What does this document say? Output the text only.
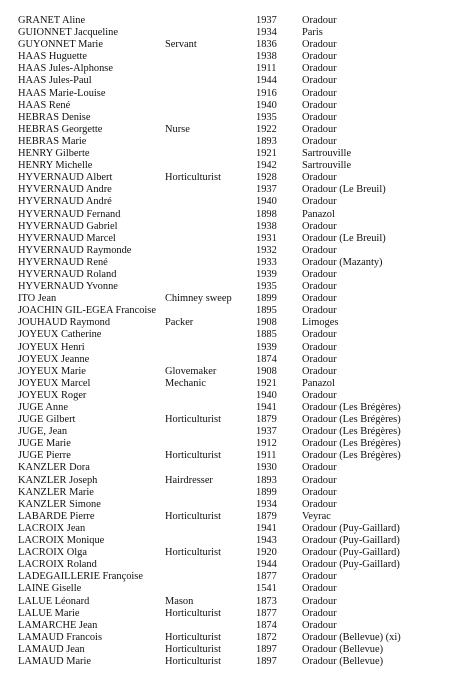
GRANET Aline	1937 Oradour
GUIONNET Jacqueline	1934 Paris
GUYONNET Marie	Servant	1836 Oradour
HAAS Huguette	1938 Oradour
HAAS Jules-Alphonse	1911 Oradour
HAAS Jules-Paul	1944 Oradour
HAAS Marie-Louise	1916 Oradour
HAAS René	1940 Oradour
HEBRAS Denise	1935 Oradour
HEBRAS Georgette	Nurse	1922 Oradour
HEBRAS Marie	1893 Oradour
HENRY Gilberte	1921 Sartrouville
HENRY Michelle	1942 Sartrouville
HYVERNAUD Albert	Horticulturist	1928 Oradour
HYVERNAUD Andre	1937 Oradour (Le Breuil)
HYVERNAUD André	1940 Oradour
HYVERNAUD Fernand	1898 Panazol
HYVERNAUD Gabriel	1938 Oradour
HYVERNAUD Marcel	1931 Oradour (Le Breuil)
HYVERNAUD Raymonde	1932 Oradour
HYVERNAUD René	1933 Oradour (Mazanty)
HYVERNAUD Roland	1939 Oradour
HYVERNAUD Yvonne	1935 Oradour
ITO Jean	Chimney sweep 1899 Oradour
JOACHIN GIL-EGEA Francoise	1895 Oradour
JOUHAUD Raymond	Packer	1908 Limoges
JOYEUX Catherine	1885 Oradour
JOYEUX Henri	1939 Oradour
JOYEUX Jeanne	1874 Oradour
JOYEUX Marie	Glovemaker	1908 Oradour
JOYEUX Marcel	Mechanic	1921 Panazol
JOYEUX Roger	1940 Oradour
JUGE Anne	1941 Oradour (Les Brégères)
JUGE Gilbert	Horticulturist	1879 Oradour (Les Brégères)
JUGE, Jean	1937 Oradour (Les Brégères)
JUGE Marie	1912 Oradour (Les Brégères)
JUGE Pierre	Horticulturist	1911 Oradour (Les Brégères)
KANZLER Dora	1930 Oradour
KANZLER Joseph	Hairdresser	1893 Oradour
KANZLER Marie	1899 Oradour
KANZLER Simone	1934 Oradour
LABARDE Pierre	Horticulturist	1879 Veyrac
LACROIX Jean	1941 Oradour (Puy-Gaillard)
LACROIX Monique	1943 Oradour (Puy-Gaillard)
LACROIX Olga	Horticulturist	1920 Oradour (Puy-Gaillard)
LACROIX Roland	1944 Oradour (Puy-Gaillard)
LADEGAILLERIE Françoise	1877 Oradour
LAINE Giselle	1541 Oradour
LALUE Léonard	Mason	1873 Oradour
LALUE Marie	Horticulturist	1877 Oradour
LAMARCHE Jean	1874 Oradour
LAMAUD Francois	Horticulturist	1872 Oradour (Bellevue) (xi)
LAMAUD Jean	Horticulturist	1897 Oradour (Bellevue)
LAMAUD Marie	Horticulturist	1897 Oradour (Bellevue)
